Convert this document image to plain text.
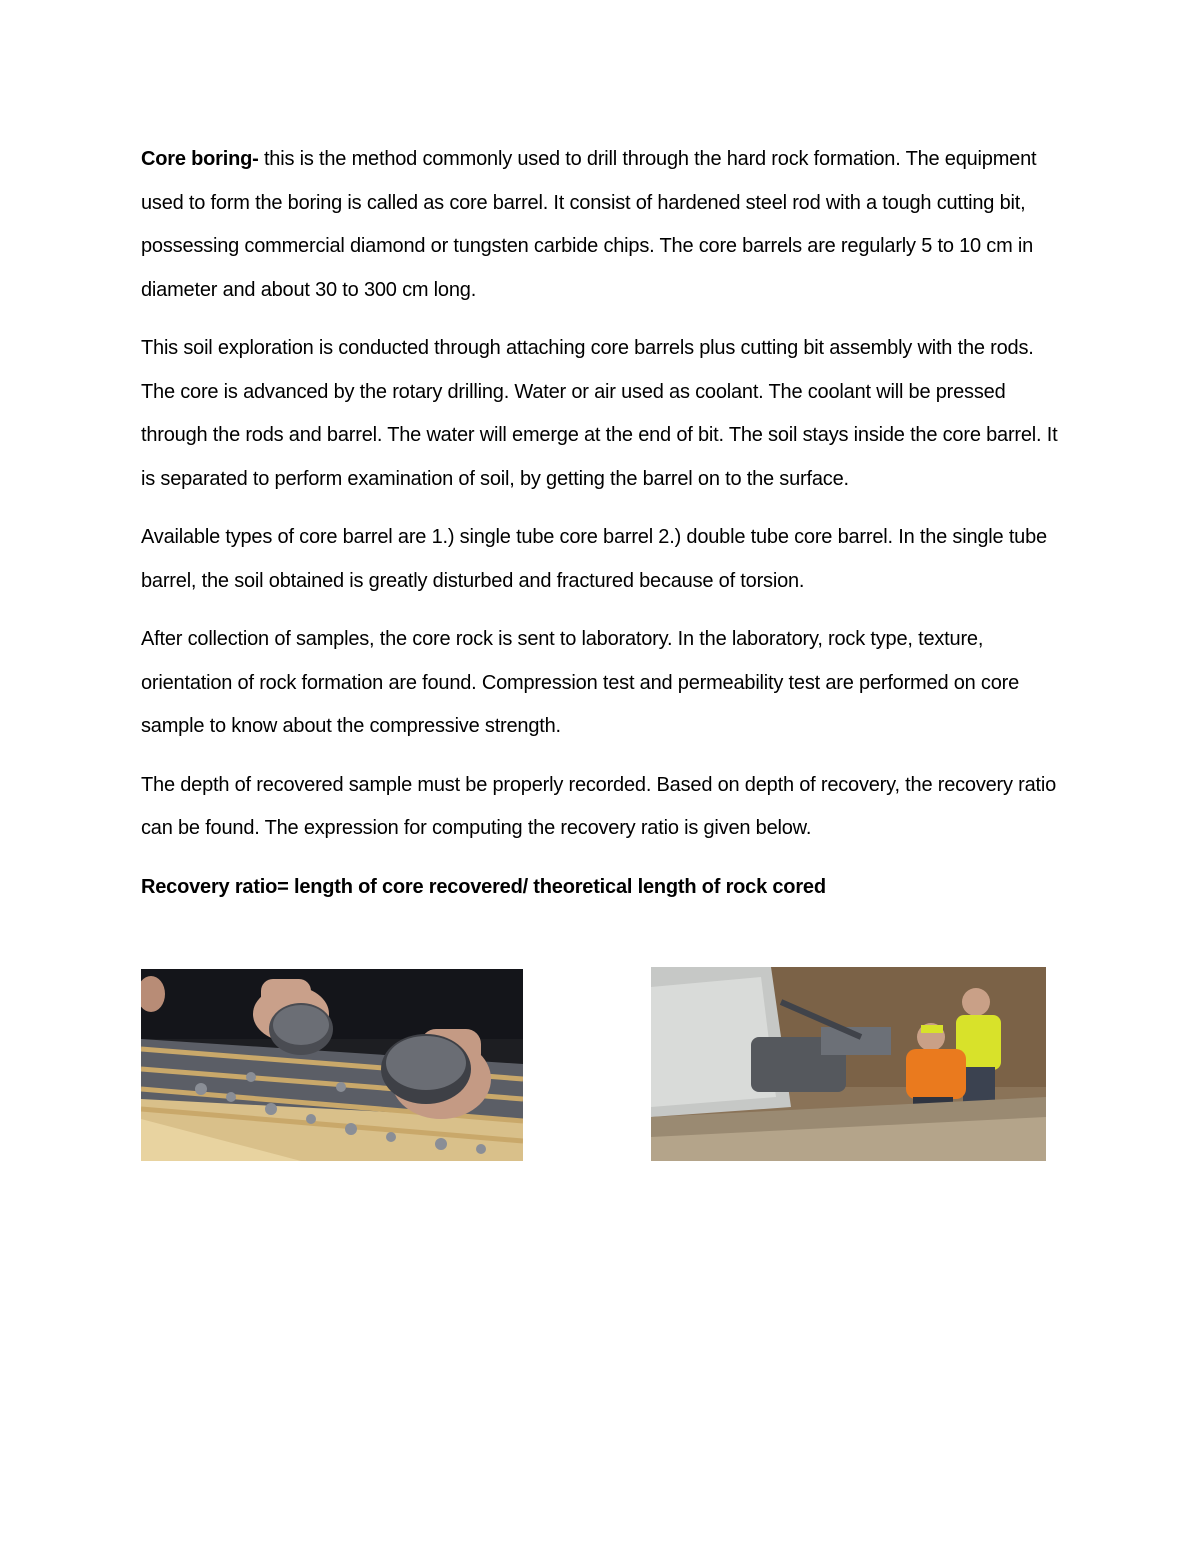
Core boring- this is the method commonly used to drill through the hard rock formation. The equipment used to form the boring is called as core barrel. It consist of hardened steel rod with a tough cutting bit, possessing commercial diamond or tungsten carbide chips. The core barrels are regularly 5 to 10 cm in diameter and about 30 to 300 cm long.

This soil exploration is conducted through attaching core barrels plus cutting bit assembly with the rods. The core is advanced by the rotary drilling. Water or air used as coolant. The coolant will be pressed through the rods and barrel. The water will emerge at the end of bit. The soil stays inside the core barrel. It is separated to perform examination of soil, by getting the barrel on to the surface.

Available types of core barrel are 1.) single tube core barrel 2.) double tube core barrel. In the single tube barrel, the soil obtained is greatly disturbed and fractured because of torsion.

After collection of samples, the core rock is sent to laboratory. In the laboratory, rock type, texture, orientation of rock formation are found. Compression test and permeability test are performed on core sample to know about the compressive strength.

The depth of recovered sample must be properly recorded. Based on depth of recovery, the recovery ratio can be found. The expression for computing the recovery ratio is given below.

Recovery ratio= length of core recovered/ theoretical length of rock cored
